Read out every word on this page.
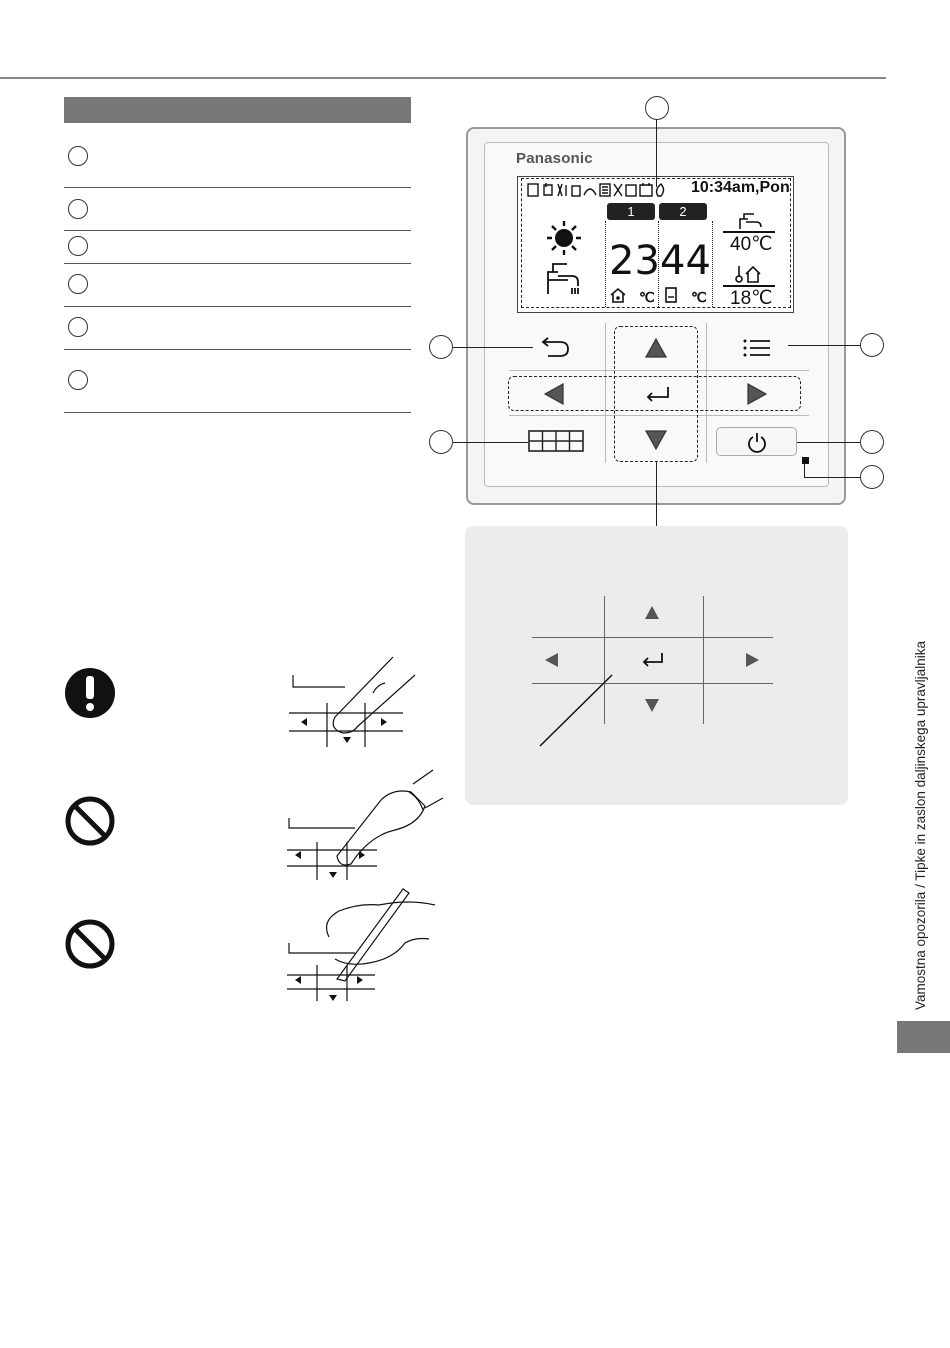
Panasonic
10:34am,Pon
1	2
23 44
℃	℃
40℃
18℃
Vamostna opozorila / Tipke in zaslon daljinskega upravljalnika
